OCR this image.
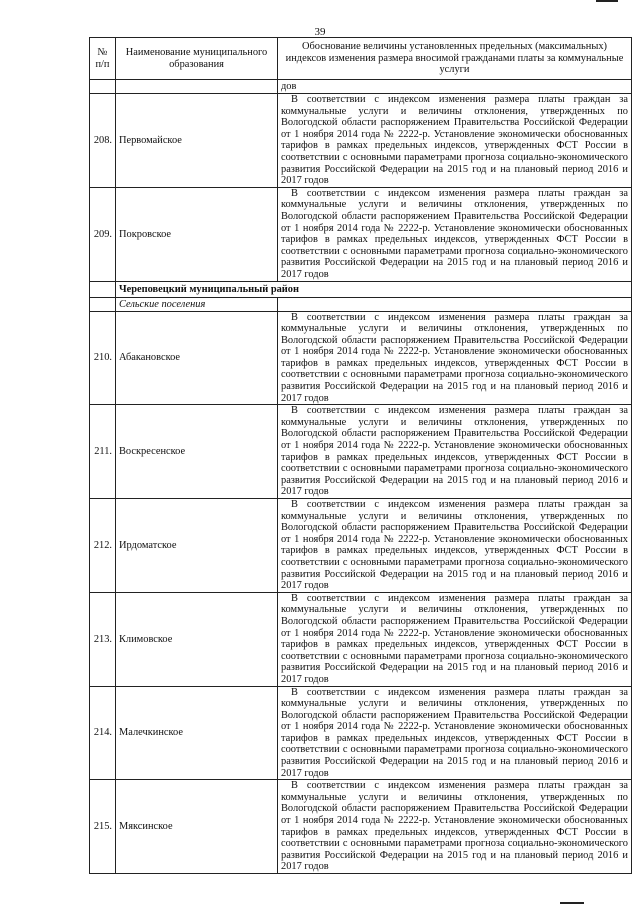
39
№ п/п	Наименование муниципального образования	Обоснование величины установленных предельных (максимальных) индексов изменения размера вносимой гражданами платы за коммунальные услуги
		дов
208.	Первомайское	В соответствии с индексом изменения размера платы граждан за коммунальные услуги и величины отклонения, утвержденных по Вологодской области распоряжением Правительства Российской Федерации от 1 ноября 2014 года № 2222-р. Установление экономически обоснованных тарифов в рамках предельных индексов, утвержденных ФСТ России в соответствии с основными параметрами прогноза социально-экономического развития Российской Федерации на 2015 год и на плановый период 2016 и 2017 годов

209.	Покровское	В соответствии с индексом изменения размера платы граждан за коммунальные услуги и величины отклонения, утвержденных по Вологодской области распоряжением Правительства Российской Федерации от 1 ноября 2014 года № 2222-р. Установление экономически обоснованных тарифов в рамках предельных индексов, утвержденных ФСТ России в соответствии с основными параметрами прогноза социально-экономического развития Российской Федерации на 2015 год и на плановый период 2016 и 2017 годов

	Череповецкий муниципальный район	
	Сельские поселения	
210.	Абакановское	В соответствии с индексом изменения размера платы граждан за коммунальные услуги и величины отклонения, утвержденных по Вологодской области распоряжением Правительства Российской Федерации от 1 ноября 2014 года № 2222-р. Установление экономически обоснованных тарифов в рамках предельных индексов, утвержденных ФСТ России в соответствии с основными параметрами прогноза социально-экономического развития Российской Федерации на 2015 год и на плановый период 2016 и 2017 годов

211.	Воскресенское	В соответствии с индексом изменения размера платы граждан за коммунальные услуги и величины отклонения, утвержденных по Вологодской области распоряжением Правительства Российской Федерации от 1 ноября 2014 года № 2222-р. Установление экономически обоснованных тарифов в рамках предельных индексов, утвержденных ФСТ России в соответствии с основными параметрами прогноза социально-экономического развития Российской Федерации на 2015 год и на плановый период 2016 и 2017 годов

212.	Ирдоматское	В соответствии с индексом изменения размера платы граждан за коммунальные услуги и величины отклонения, утвержденных по Вологодской области распоряжением Правительства Российской Федерации от 1 ноября 2014 года № 2222-р. Установление экономически обоснованных тарифов в рамках предельных индексов, утвержденных ФСТ России в соответствии с основными параметрами прогноза социально-экономического развития Российской Федерации на 2015 год и на плановый период 2016 и 2017 годов

213.	Климовское	В соответствии с индексом изменения размера платы граждан за коммунальные услуги и величины отклонения, утвержденных по Вологодской области распоряжением Правительства Российской Федерации от 1 ноября 2014 года № 2222-р. Установление экономически обоснованных тарифов в рамках предельных индексов, утвержденных ФСТ России в соответствии с основными параметрами прогноза социально-экономического развития Российской Федерации на 2015 год и на плановый период 2016 и 2017 годов

214.	Малечкинское	В соответствии с индексом изменения размера платы граждан за коммунальные услуги и величины отклонения, утвержденных по Вологодской области распоряжением Правительства Российской Федерации от 1 ноября 2014 года № 2222-р. Установление экономически обоснованных тарифов в рамках предельных индексов, утвержденных ФСТ России в соответствии с основными параметрами прогноза социально-экономического развития Российской Федерации на 2015 год и на плановый период 2016 и 2017 годов

215.	Мяксинское	В соответствии с индексом изменения размера платы граждан за коммунальные услуги и величины отклонения, утвержденных по Вологодской области распоряжением Правительства Российской Федерации от 1 ноября 2014 года № 2222-р. Установление экономически обоснованных тарифов в рамках предельных индексов, утвержденных ФСТ России в соответствии с основными параметрами прогноза социально-экономического развития Российской Федерации на 2015 год и на плановый период 2016 и 2017 годов
